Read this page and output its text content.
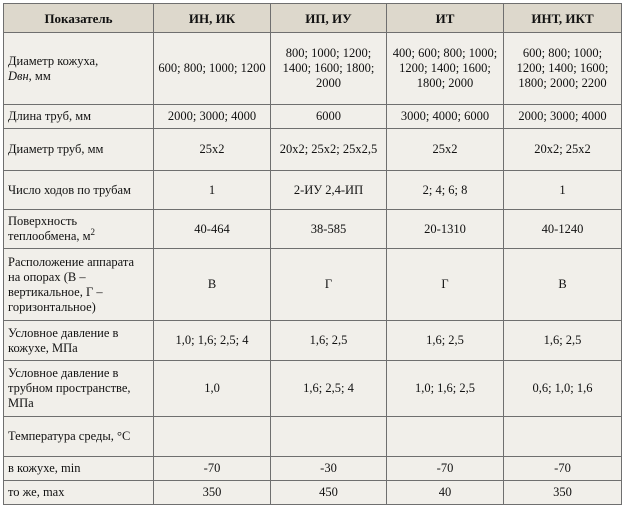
Показатель	ИН, ИК	ИП, ИУ	ИТ	ИНТ, ИКТ
Диаметр кожуха,
Dвн, мм	600; 800; 1000; 1200	800; 1000; 1200; 1400; 1600; 1800; 2000	400; 600; 800; 1000; 1200; 1400; 1600; 1800; 2000	600; 800; 1000; 1200; 1400; 1600; 1800; 2000; 2200
Длина труб, мм	2000; 3000; 4000	6000	3000; 4000; 6000	2000; 3000; 4000
Диаметр труб, мм	25x2	20x2; 25x2; 25x2,5	25x2	20x2; 25x2
Число ходов по трубам	1	2-ИУ 2,4-ИП	2; 4; 6; 8	1
Поверхность теплообмена, $м^2$	40-464	38-585	20-1310	40-1240
Расположение аппарата на опорах (В – вертикальное, Г – горизонтальное)	В	Г	Г	В
Условное давление в кожухе, МПа	1,0; 1,6; 2,5; 4	1,6; 2,5	1,6; 2,5	1,6; 2,5
Условное давление в трубном пространстве, МПа	1,0	1,6; 2,5; 4	1,0; 1,6; 2,5	0,6; 1,0; 1,6
Температура среды, °С				
в кожухе, min	-70	-30	-70	-70
то же, max	350	450	40	350
